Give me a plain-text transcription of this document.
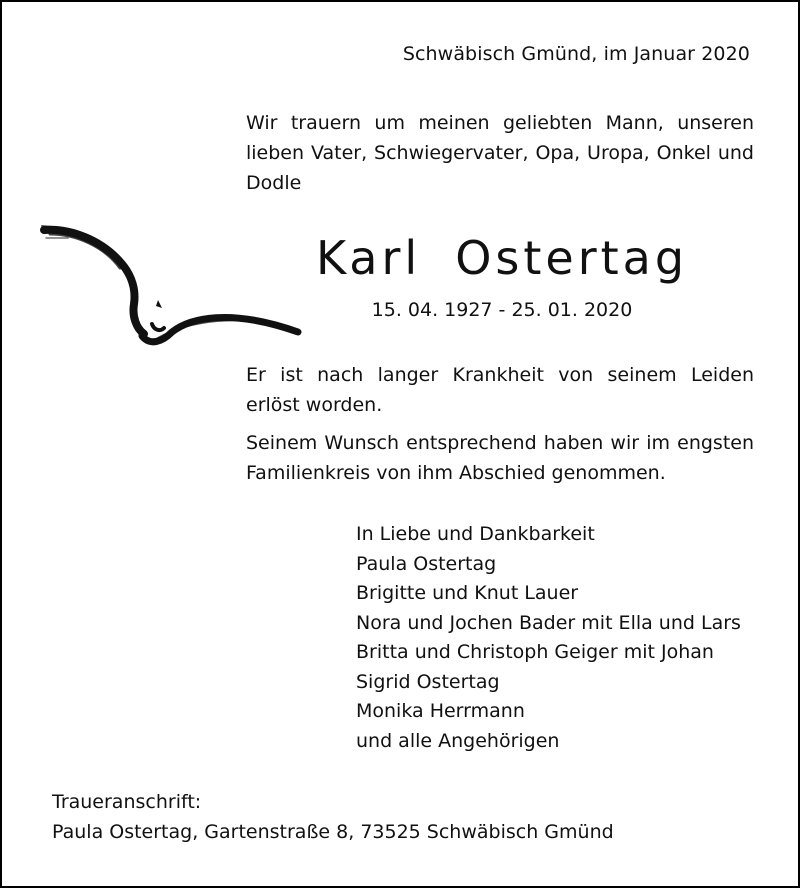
Schwäbisch Gmünd, im Januar 2020
Wir trauern um meinen geliebten Mann, unseren
lieben Vater, Schwiegervater, Opa, Uropa, Onkel und
Dodle
Karl Ostertag
15. 04. 1927 - 25. 01. 2020
Er ist nach langer Krankheit von seinem Leiden
erlöst worden.
Seinem Wunsch entsprechend haben wir im engsten
Familienkreis von ihm Abschied genommen.
In Liebe und Dankbarkeit
Paula Ostertag
Brigitte und Knut Lauer
Nora und Jochen Bader mit Ella und Lars
Britta und Christoph Geiger mit Johan
Sigrid Ostertag
Monika Herrmann
und alle Angehörigen
Traueranschrift:
Paula Ostertag, Gartenstraße 8, 73525 Schwäbisch Gmünd
